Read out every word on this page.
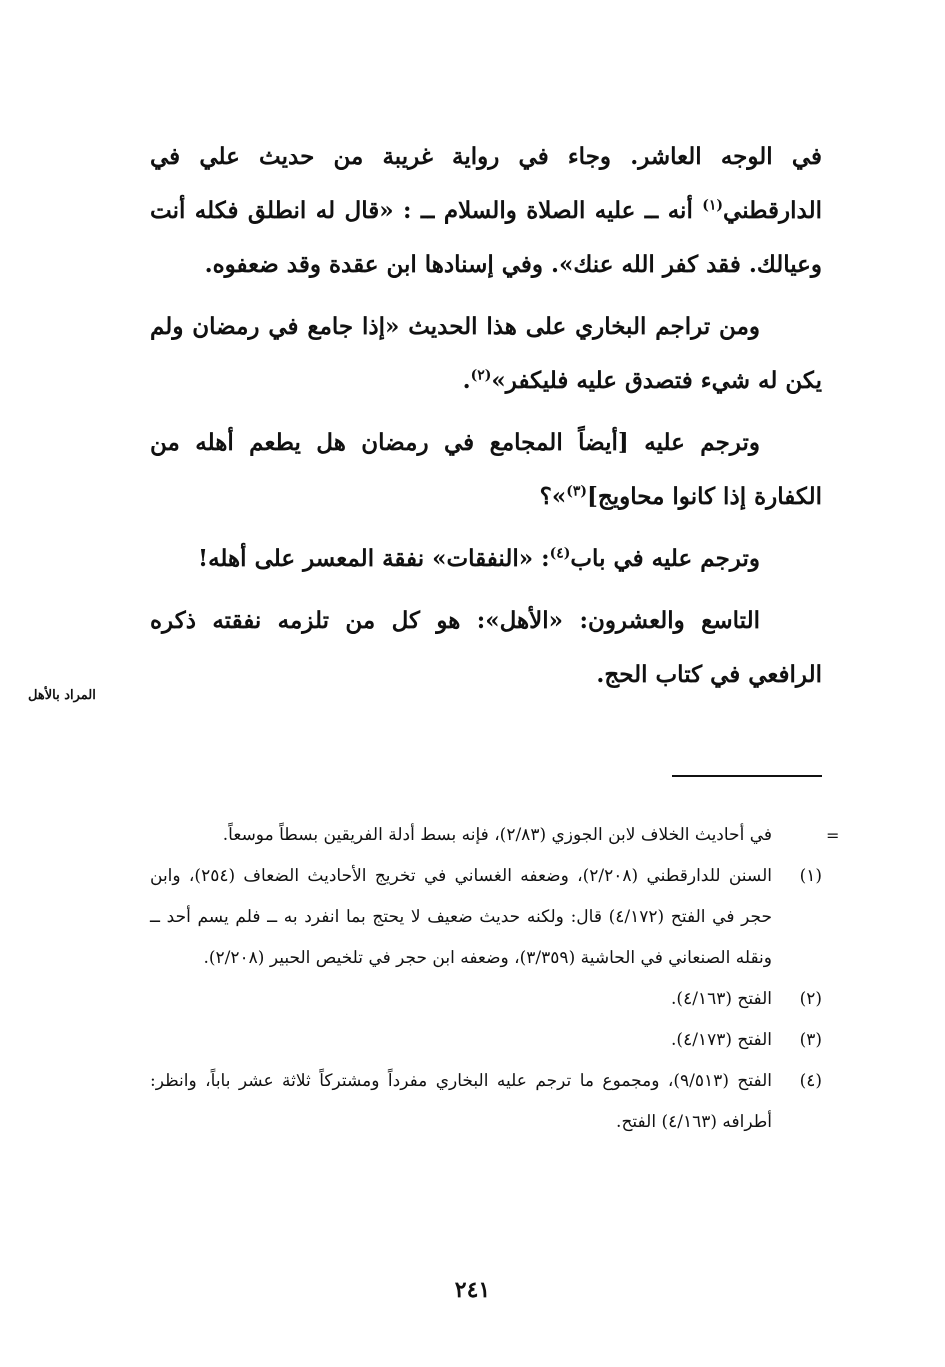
في الوجه العاشر. وجاء في رواية غريبة من حديث علي في الدارقطني$^{(١)}$ أنه ــ عليه الصلاة والسلام ــ : «قال له انطلق فكله أنت وعيالك. فقد كفر الله عنك». وفي إسنادها ابن عقدة وقد ضعفوه.

ومن تراجم البخاري على هذا الحديث «إذا جامع في رمضان ولم يكن له شيء فتصدق عليه فليكفر»$^{(٢)}$.

وترجم عليه [أيضاً المجامع في رمضان هل يطعم أهله من الكفارة إذا كانوا محاويج]$^{(٣)}$»؟

وترجم عليه في باب$^{(٤)}$: «النفقات» نفقة المعسر على أهله!

التاسع والعشرون: «الأهل»: هو كل من تلزمه نفقته ذكره الرافعي في كتاب الحج.

المراد بالأهل
=
في أحاديث الخلاف لابن الجوزي (٢/٨٣)، فإنه بسط أدلة الفريقين بسطاً موسعاً.
(١)
السنن للدارقطني (٢/٢٠٨)، وضعفه الغساني في تخريج الأحاديث الضعاف (٢٥٤)، وابن حجر في الفتح (٤/١٧٢) قال: ولكنه حديث ضعيف لا يحتج بما انفرد به ــ فلم يسم أحد ــ ونقله الصنعاني في الحاشية (٣/٣٥٩)، وضعفه ابن حجر في تلخيص الحبير (٢/٢٠٨).
(٢)
الفتح (٤/١٦٣).
(٣)
الفتح (٤/١٧٣).
(٤)
الفتح (٩/٥١٣)، ومجموع ما ترجم عليه البخاري مفرداً ومشتركاً ثلاثة عشر باباً، وانظر: أطرافه (٤/١٦٣) الفتح.
٢٤١
